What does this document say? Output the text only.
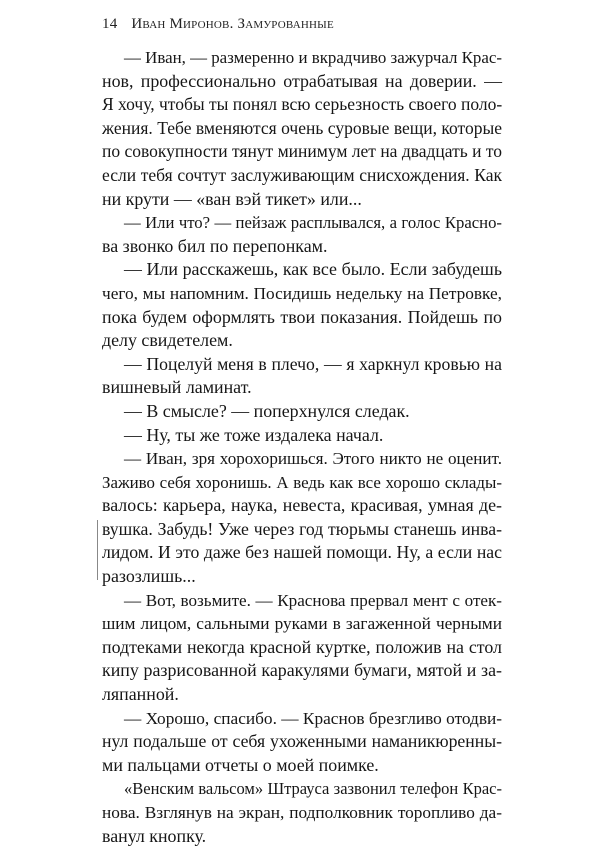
14 Иван Миронов. Замурованные
— Иван, — размеренно и вкрадчиво зажурчал Крас-
нов, профессионально отрабатывая на доверии. —
Я хочу, чтобы ты понял всю серьезность своего поло-
жения. Тебе вменяются очень суровые вещи, которые
по совокупности тянут минимум лет на двадцать и то
если тебя сочтут заслуживающим снисхождения. Как
ни крути — «ван вэй тикет» или...
— Или что? — пейзаж расплывался, а голос Красно-
ва звонко бил по перепонкам.
— Или расскажешь, как все было. Если забудешь
чего, мы напомним. Посидишь недельку на Петровке,
пока будем оформлять твои показания. Пойдешь по
делу свидетелем.
— Поцелуй меня в плечо, — я харкнул кровью на
вишневый ламинат.
— В смысле? — поперхнулся следак.
— Ну, ты же тоже издалека начал.
— Иван, зря хорохоришься. Этого никто не оценит.
Заживо себя хоронишь. А ведь как все хорошо склады-
валось: карьера, наука, невеста, красивая, умная де-
вушка. Забудь! Уже через год тюрьмы станешь инва-
лидом. И это даже без нашей помощи. Ну, а если нас
разозлишь...
— Вот, возьмите. — Краснова прервал мент с отек-
шим лицом, сальными руками в загаженной черными
подтеками некогда красной куртке, положив на стол
кипу разрисованной каракулями бумаги, мятой и за-
ляпанной.
— Хорошо, спасибо. — Краснов брезгливо отодви-
нул подальше от себя ухоженными наманикюренны-
ми пальцами отчеты о моей поимке.
«Венским вальсом» Штрауса зазвонил телефон Крас-
нова. Взглянув на экран, подполковник торопливо да-
ванул кнопку.
